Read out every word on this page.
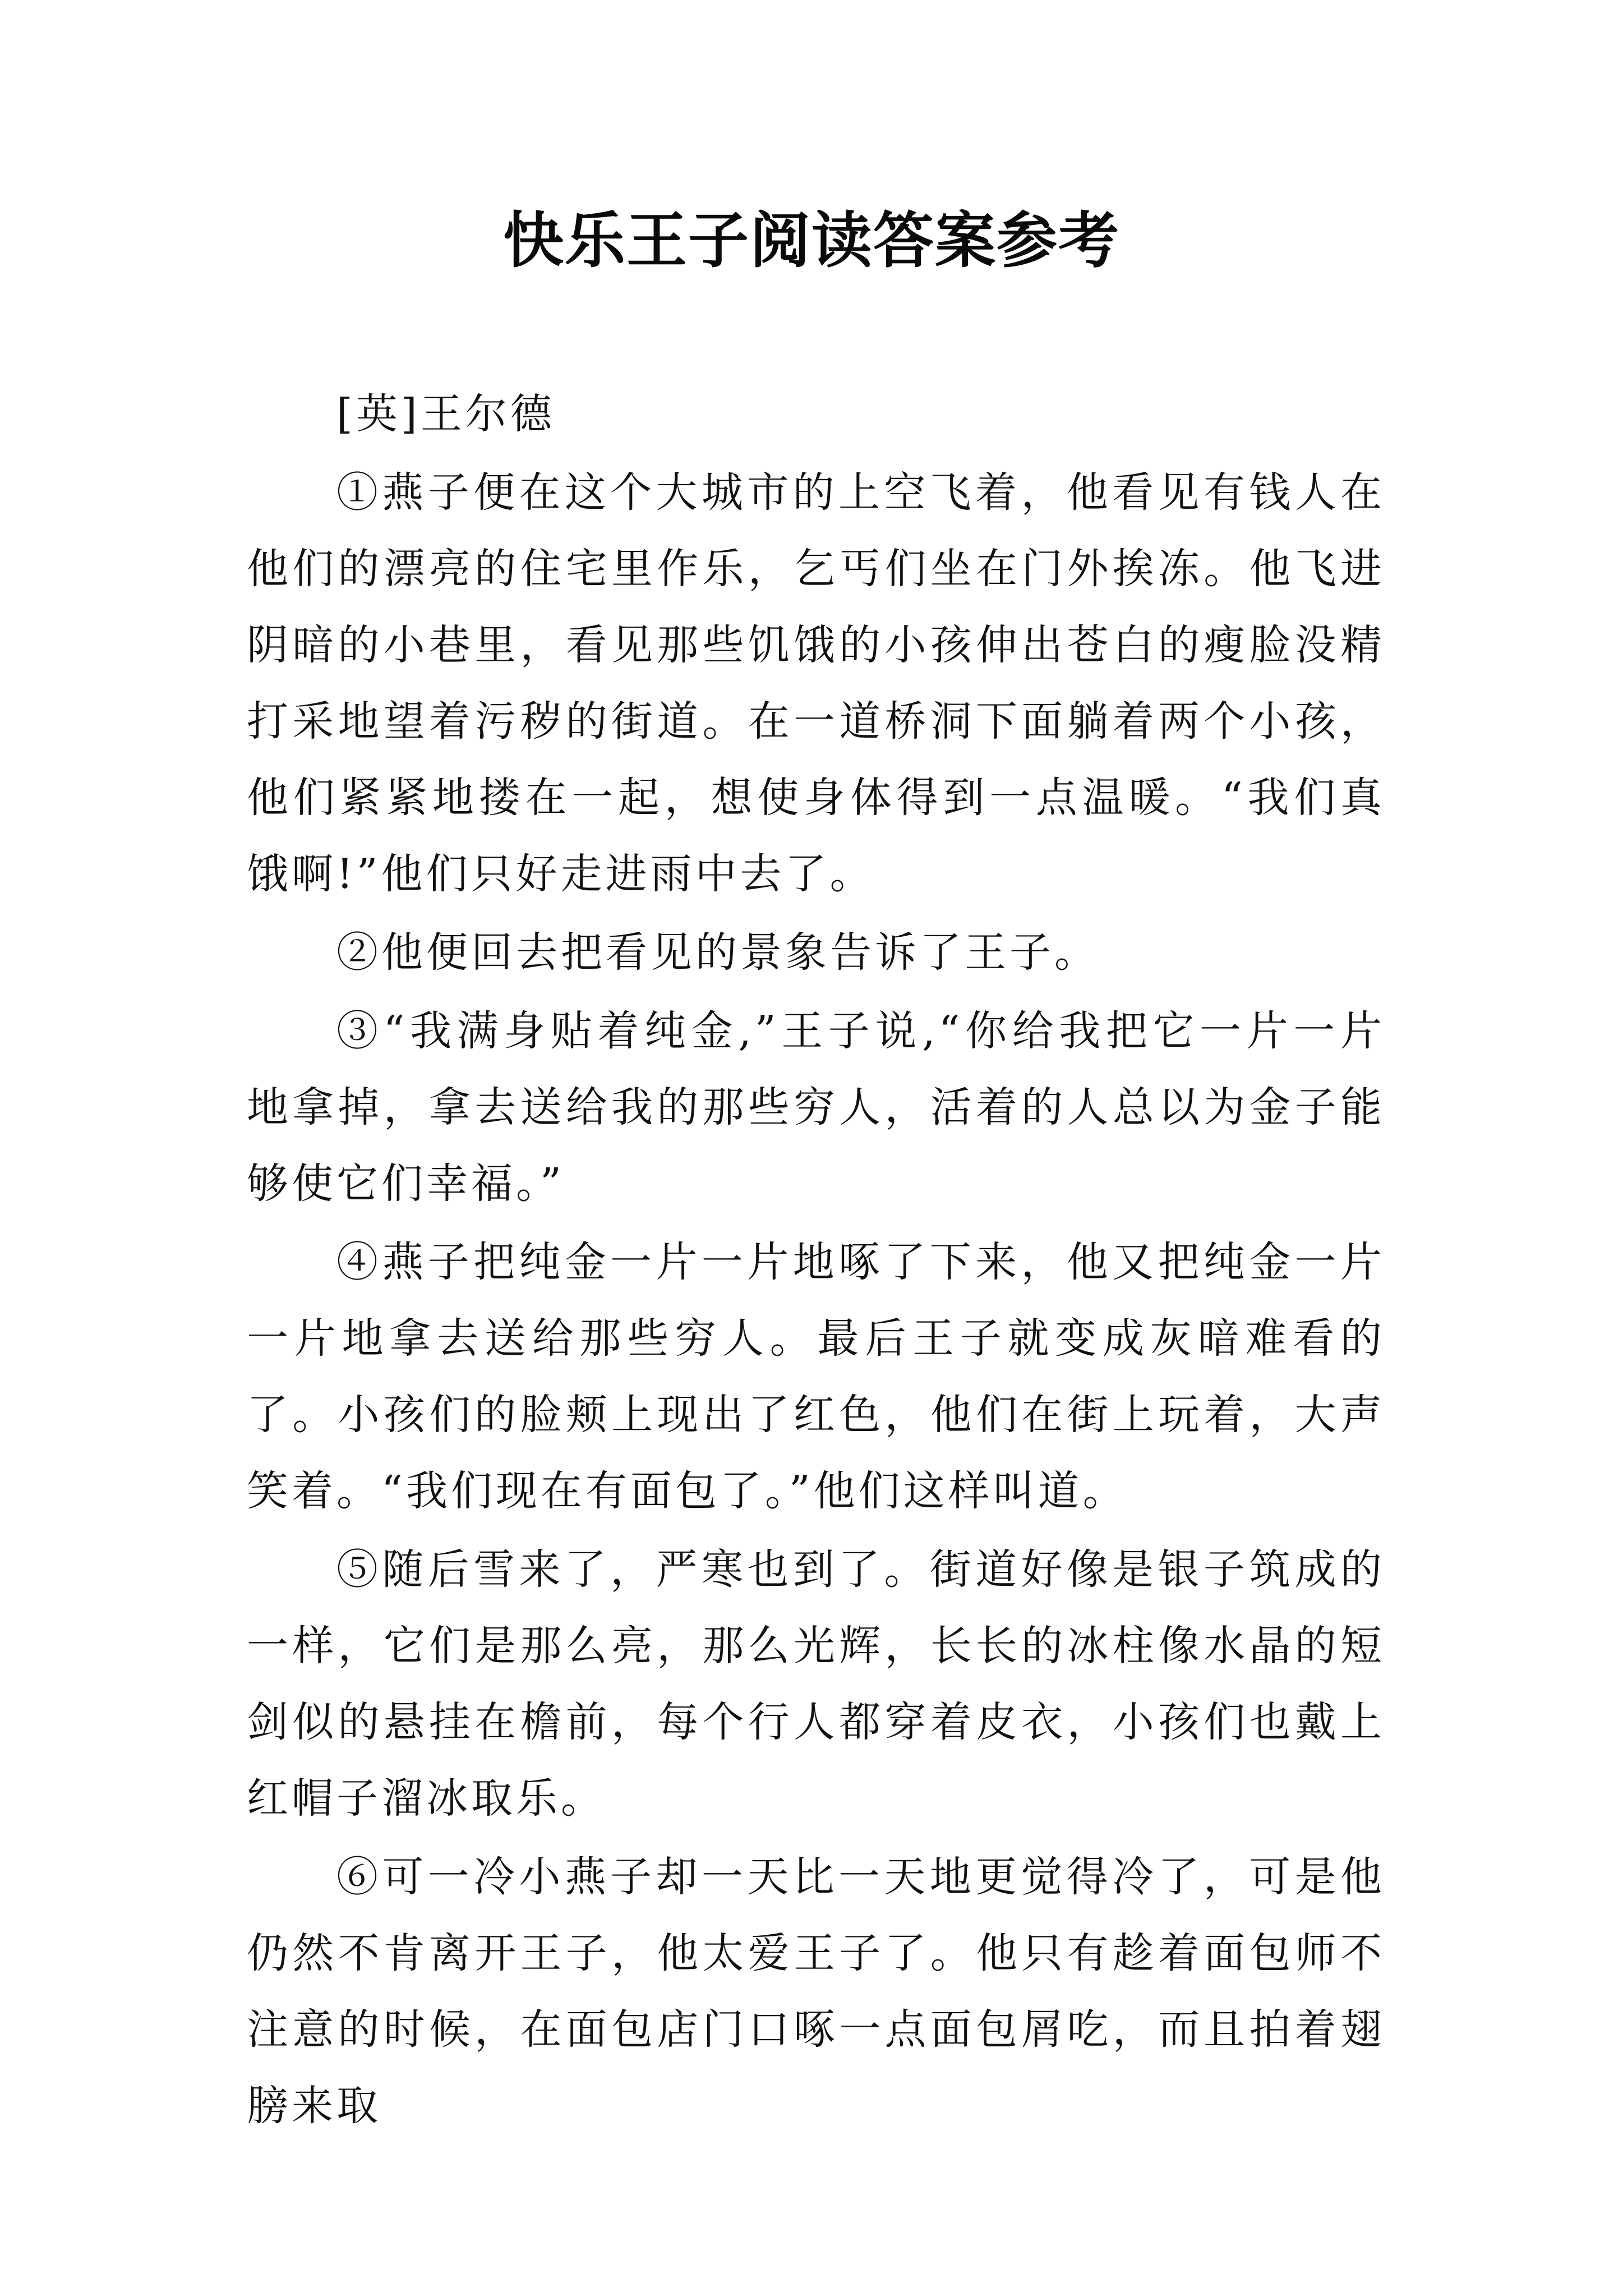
快乐王子阅读答案参考

[英]王尔德

①燕子便在这个大城市的上空飞着，他看见有钱人在他们的漂亮的住宅里作乐，乞丐们坐在门外挨冻。他飞进阴暗的小巷里，看见那些饥饿的小孩伸出苍白的瘦脸没精打采地望着污秽的街道。在一道桥洞下面躺着两个小孩，他们紧紧地搂在一起，想使身体得到一点温暖。“我们真饿啊!”他们只好走进雨中去了。

②他便回去把看见的景象告诉了王子。

③“我满身贴着纯金,”王子说,“你给我把它一片一片地拿掉，拿去送给我的那些穷人，活着的人总以为金子能够使它们幸福。”

④燕子把纯金一片一片地啄了下来，他又把纯金一片一片地拿去送给那些穷人。最后王子就变成灰暗难看的了。小孩们的脸颊上现出了红色，他们在街上玩着，大声笑着。“我们现在有面包了。”他们这样叫道。

⑤随后雪来了，严寒也到了。街道好像是银子筑成的一样，它们是那么亮，那么光辉，长长的冰柱像水晶的短剑似的悬挂在檐前，每个行人都穿着皮衣，小孩们也戴上红帽子溜冰取乐。

⑥可一冷小燕子却一天比一天地更觉得冷了，可是他仍然不肯离开王子，他太爱王子了。他只有趁着面包师不注意的时候，在面包店门口啄一点面包屑吃，而且拍着翅膀来取
